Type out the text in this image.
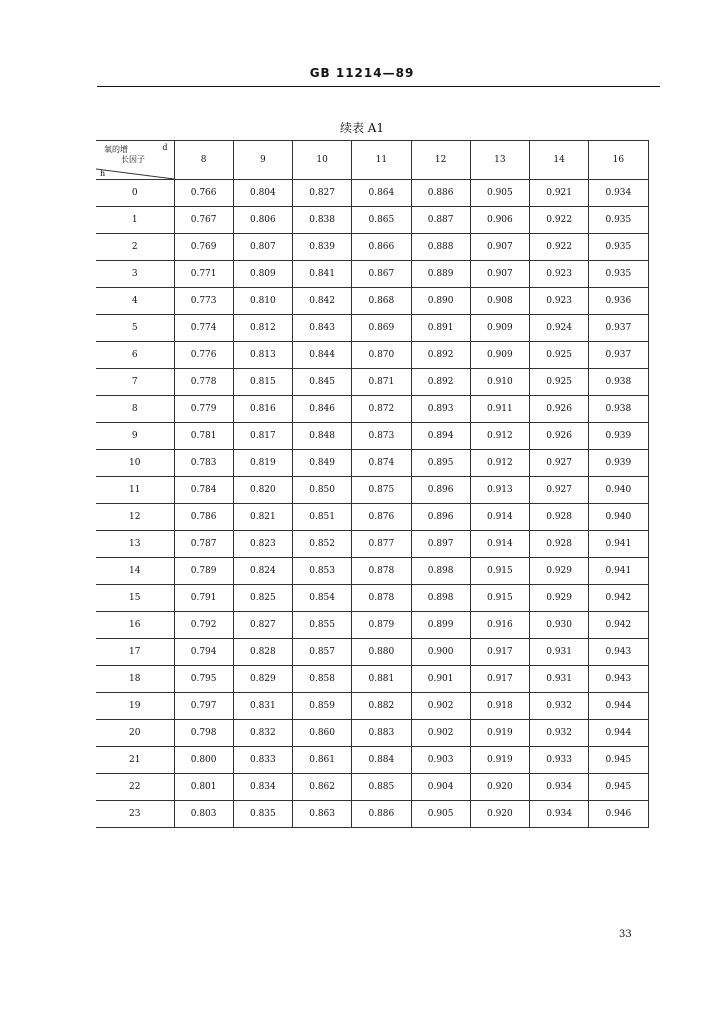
GB 11214—89
续表 A1
氧的增
长因子
d
h	8	9	10	11	12	13	14	16
0	0.766	0.804	0.827	0.864	0.886	0.905	0.921	0.934
1	0.767	0.806	0.838	0.865	0.887	0.906	0.922	0.935
2	0.769	0.807	0.839	0.866	0.888	0.907	0.922	0.935
3	0.771	0.809	0.841	0.867	0.889	0.907	0.923	0.935
4	0.773	0.810	0.842	0.868	0.890	0.908	0.923	0.936
5	0.774	0.812	0.843	0.869	0.891	0.909	0.924	0.937
6	0.776	0.813	0.844	0.870	0.892	0.909	0.925	0.937
7	0.778	0.815	0.845	0.871	0.892	0.910	0.925	0.938
8	0.779	0.816	0.846	0.872	0.893	0.911	0.926	0.938
9	0.781	0.817	0.848	0.873	0.894	0.912	0.926	0.939
10	0.783	0.819	0.849	0.874	0.895	0.912	0.927	0.939
11	0.784	0.820	0.850	0.875	0.896	0.913	0.927	0.940
12	0.786	0.821	0.851	0.876	0.896	0.914	0.928	0.940
13	0.787	0.823	0.852	0.877	0.897	0.914	0.928	0.941
14	0.789	0.824	0.853	0.878	0.898	0.915	0.929	0.941
15	0.791	0.825	0.854	0.878	0.898	0.915	0.929	0.942
16	0.792	0.827	0.855	0.879	0.899	0.916	0.930	0.942
17	0.794	0.828	0.857	0.880	0.900	0.917	0.931	0.943
18	0.795	0.829	0.858	0.881	0.901	0.917	0.931	0.943
19	0.797	0.831	0.859	0.882	0.902	0.918	0.932	0.944
20	0.798	0.832	0.860	0.883	0.902	0.919	0.932	0.944
21	0.800	0.833	0.861	0.884	0.903	0.919	0.933	0.945
22	0.801	0.834	0.862	0.885	0.904	0.920	0.934	0.945
23	0.803	0.835	0.863	0.886	0.905	0.920	0.934	0.946
33
